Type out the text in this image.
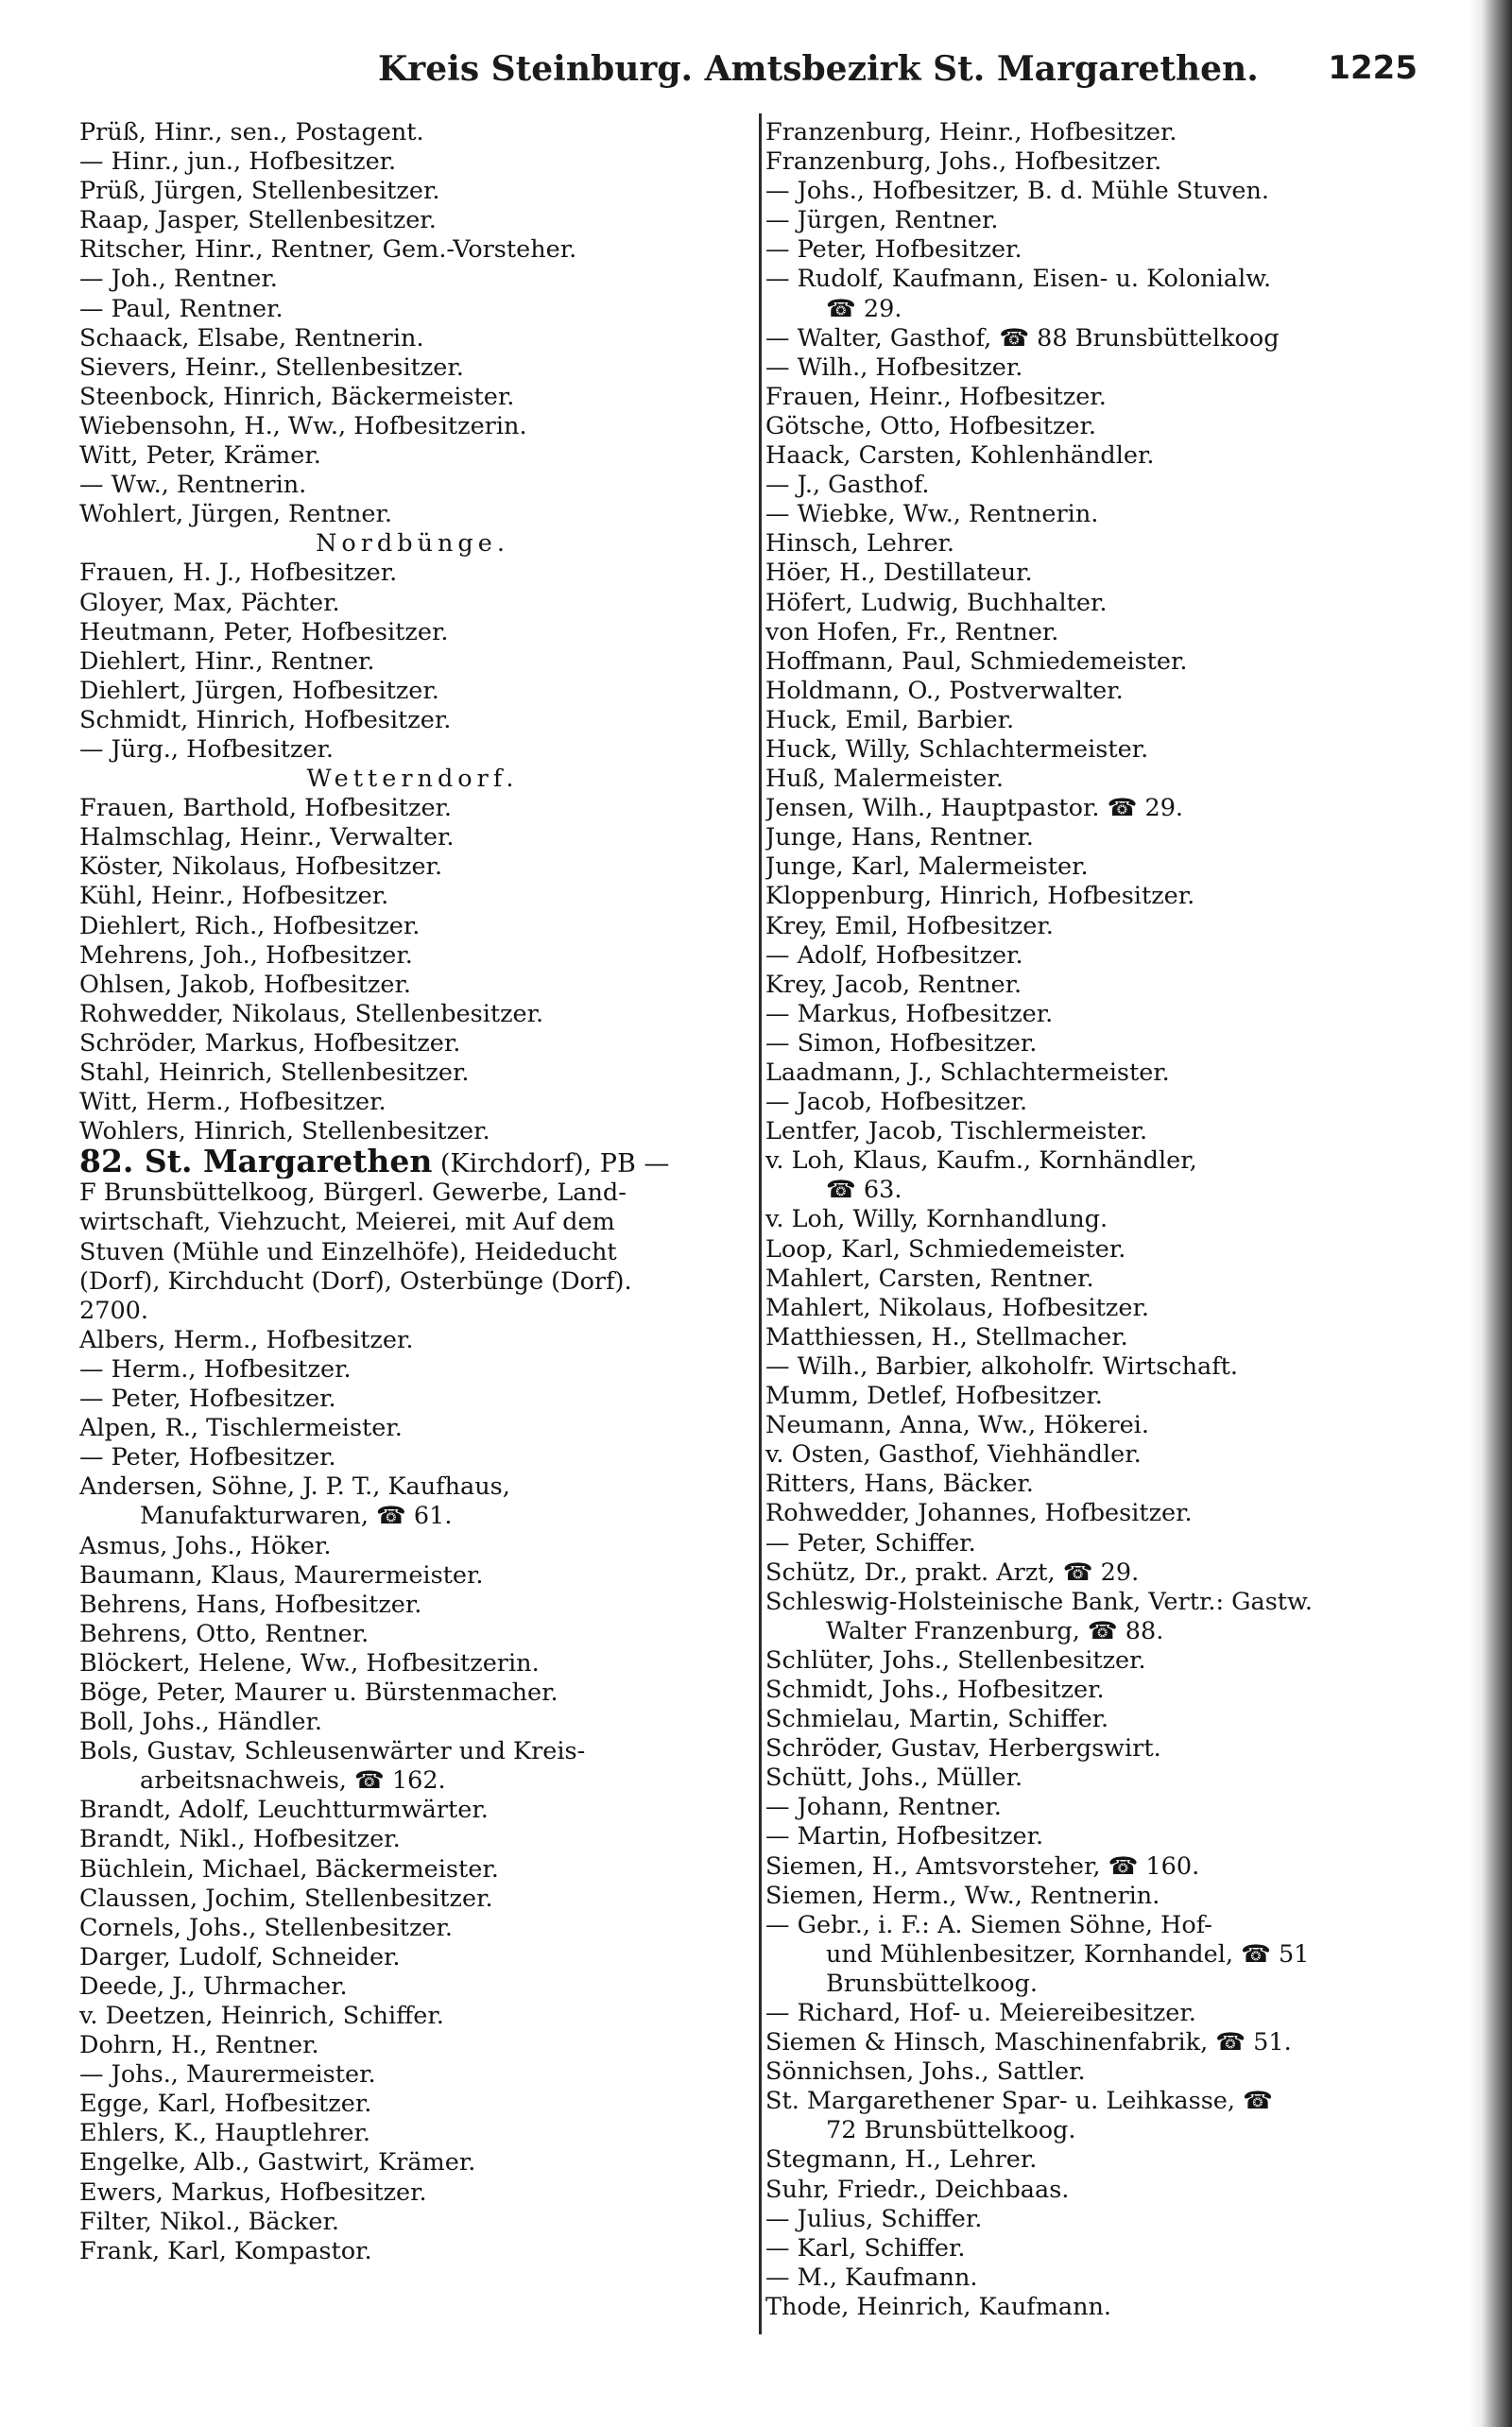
Kreis Steinburg. Amtsbezirk St. Margarethen.	1225
Prüß, Hinr., sen., Postagent.
— Hinr., jun., Hofbesitzer.
Prüß, Jürgen, Stellenbesitzer.
Raap, Jasper, Stellenbesitzer.
Ritscher, Hinr., Rentner, Gem.-Vorsteher.
— Joh., Rentner.
— Paul, Rentner.
Schaack, Elsabe, Rentnerin.
Sievers, Heinr., Stellenbesitzer.
Steenbock, Hinrich, Bäckermeister.
Wiebensohn, H., Ww., Hofbesitzerin.
Witt, Peter, Krämer.
— Ww., Rentnerin.
Wohlert, Jürgen, Rentner.
Nordbünge.
Frauen, H. J., Hofbesitzer.
Gloyer, Max, Pächter.
Heutmann, Peter, Hofbesitzer.
Diehlert, Hinr., Rentner.
Diehlert, Jürgen, Hofbesitzer.
Schmidt, Hinrich, Hofbesitzer.
— Jürg., Hofbesitzer.
Wetterndorf.
Frauen, Barthold, Hofbesitzer.
Halmschlag, Heinr., Verwalter.
Köster, Nikolaus, Hofbesitzer.
Kühl, Heinr., Hofbesitzer.
Diehlert, Rich., Hofbesitzer.
Mehrens, Joh., Hofbesitzer.
Ohlsen, Jakob, Hofbesitzer.
Rohwedder, Nikolaus, Stellenbesitzer.
Schröder, Markus, Hofbesitzer.
Stahl, Heinrich, Stellenbesitzer.
Witt, Herm., Hofbesitzer.
Wohlers, Hinrich, Stellenbesitzer.
82. St. Margarethen (Kirchdorf), PB —
F Brunsbüttelkoog, Bürgerl. Gewerbe, Land-
wirtschaft, Viehzucht, Meierei, mit Auf dem
Stuven (Mühle und Einzelhöfe), Heideducht
(Dorf), Kirchducht (Dorf), Osterbünge (Dorf).
2700.
Albers, Herm., Hofbesitzer.
— Herm., Hofbesitzer.
— Peter, Hofbesitzer.
Alpen, R., Tischlermeister.
— Peter, Hofbesitzer.
Andersen, Söhne, J. P. T., Kaufhaus,
Manufakturwaren, ☎ 61.
Asmus, Johs., Höker.
Baumann, Klaus, Maurermeister.
Behrens, Hans, Hofbesitzer.
Behrens, Otto, Rentner.
Blöckert, Helene, Ww., Hofbesitzerin.
Böge, Peter, Maurer u. Bürstenmacher.
Boll, Johs., Händler.
Bols, Gustav, Schleusenwärter und Kreis-
arbeitsnachweis, ☎ 162.
Brandt, Adolf, Leuchtturmwärter.
Brandt, Nikl., Hofbesitzer.
Büchlein, Michael, Bäckermeister.
Claussen, Jochim, Stellenbesitzer.
Cornels, Johs., Stellenbesitzer.
Darger, Ludolf, Schneider.
Deede, J., Uhrmacher.
v. Deetzen, Heinrich, Schiffer.
Dohrn, H., Rentner.
— Johs., Maurermeister.
Egge, Karl, Hofbesitzer.
Ehlers, K., Hauptlehrer.
Engelke, Alb., Gastwirt, Krämer.
Ewers, Markus, Hofbesitzer.
Filter, Nikol., Bäcker.
Frank, Karl, Kompastor.
Franzenburg, Heinr., Hofbesitzer.
Franzenburg, Johs., Hofbesitzer.
— Johs., Hofbesitzer, B. d. Mühle Stuven.
— Jürgen, Rentner.
— Peter, Hofbesitzer.
— Rudolf, Kaufmann, Eisen- u. Kolonialw.
☎ 29.
— Walter, Gasthof, ☎ 88 Brunsbüttelkoog
— Wilh., Hofbesitzer.
Frauen, Heinr., Hofbesitzer.
Götsche, Otto, Hofbesitzer.
Haack, Carsten, Kohlenhändler.
— J., Gasthof.
— Wiebke, Ww., Rentnerin.
Hinsch, Lehrer.
Höer, H., Destillateur.
Höfert, Ludwig, Buchhalter.
von Hofen, Fr., Rentner.
Hoffmann, Paul, Schmiedemeister.
Holdmann, O., Postverwalter.
Huck, Emil, Barbier.
Huck, Willy, Schlachtermeister.
Huß, Malermeister.
Jensen, Wilh., Hauptpastor. ☎ 29.
Junge, Hans, Rentner.
Junge, Karl, Malermeister.
Kloppenburg, Hinrich, Hofbesitzer.
Krey, Emil, Hofbesitzer.
— Adolf, Hofbesitzer.
Krey, Jacob, Rentner.
— Markus, Hofbesitzer.
— Simon, Hofbesitzer.
Laadmann, J., Schlachtermeister.
— Jacob, Hofbesitzer.
Lentfer, Jacob, Tischlermeister.
v. Loh, Klaus, Kaufm., Kornhändler,
☎ 63.
v. Loh, Willy, Kornhandlung.
Loop, Karl, Schmiedemeister.
Mahlert, Carsten, Rentner.
Mahlert, Nikolaus, Hofbesitzer.
Matthiessen, H., Stellmacher.
— Wilh., Barbier, alkoholfr. Wirtschaft.
Mumm, Detlef, Hofbesitzer.
Neumann, Anna, Ww., Hökerei.
v. Osten, Gasthof, Viehhändler.
Ritters, Hans, Bäcker.
Rohwedder, Johannes, Hofbesitzer.
— Peter, Schiffer.
Schütz, Dr., prakt. Arzt, ☎ 29.
Schleswig-Holsteinische Bank, Vertr.: Gastw.
Walter Franzenburg, ☎ 88.
Schlüter, Johs., Stellenbesitzer.
Schmidt, Johs., Hofbesitzer.
Schmielau, Martin, Schiffer.
Schröder, Gustav, Herbergswirt.
Schütt, Johs., Müller.
— Johann, Rentner.
— Martin, Hofbesitzer.
Siemen, H., Amtsvorsteher, ☎ 160.
Siemen, Herm., Ww., Rentnerin.
— Gebr., i. F.: A. Siemen Söhne, Hof-
und Mühlenbesitzer, Kornhandel, ☎ 51
Brunsbüttelkoog.
— Richard, Hof- u. Meiereibesitzer.
Siemen & Hinsch, Maschinenfabrik, ☎ 51.
Sönnichsen, Johs., Sattler.
St. Margarethener Spar- u. Leihkasse, ☎
72 Brunsbüttelkoog.
Stegmann, H., Lehrer.
Suhr, Friedr., Deichbaas.
— Julius, Schiffer.
— Karl, Schiffer.
— M., Kaufmann.
Thode, Heinrich, Kaufmann.
